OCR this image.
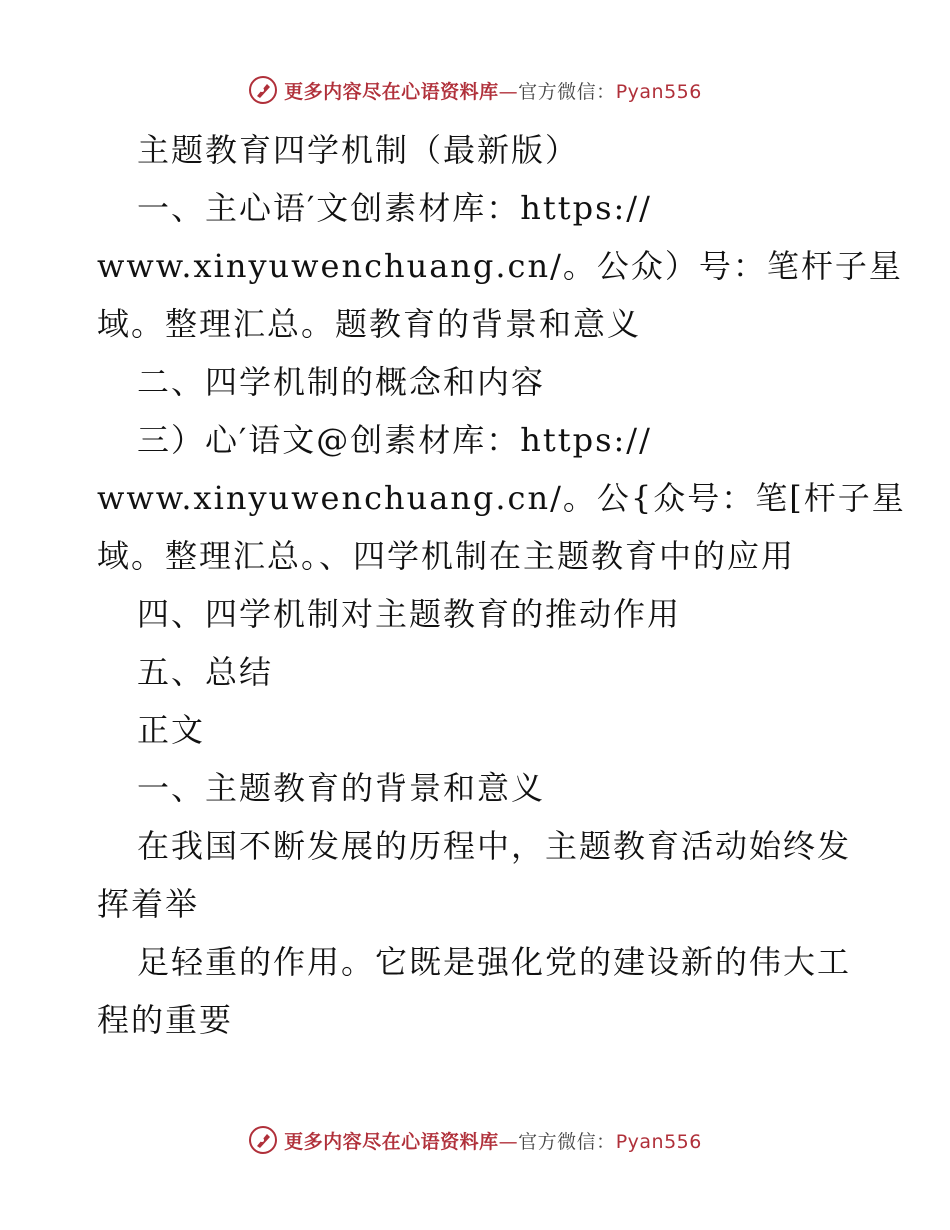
更多内容尽在心语资料库—官方微信：Pyan556
主题教育四学机制（最新版）
一、主心语′文创素材库：https://
www.xinyuwenchuang.cn/。公众）号：笔杆子星
域。整理汇总。题教育的背景和意义
二、四学机制的概念和内容
三）心′语文@创素材库：https://
www.xinyuwenchuang.cn/。公{众号：笔[杆子星
域。整理汇总。、四学机制在主题教育中的应用
四、四学机制对主题教育的推动作用
五、总结
正文
一、主题教育的背景和意义
在我国不断发展的历程中，主题教育活动始终发
挥着举
足轻重的作用。它既是强化党的建设新的伟大工
程的重要
更多内容尽在心语资料库—官方微信：Pyan556
